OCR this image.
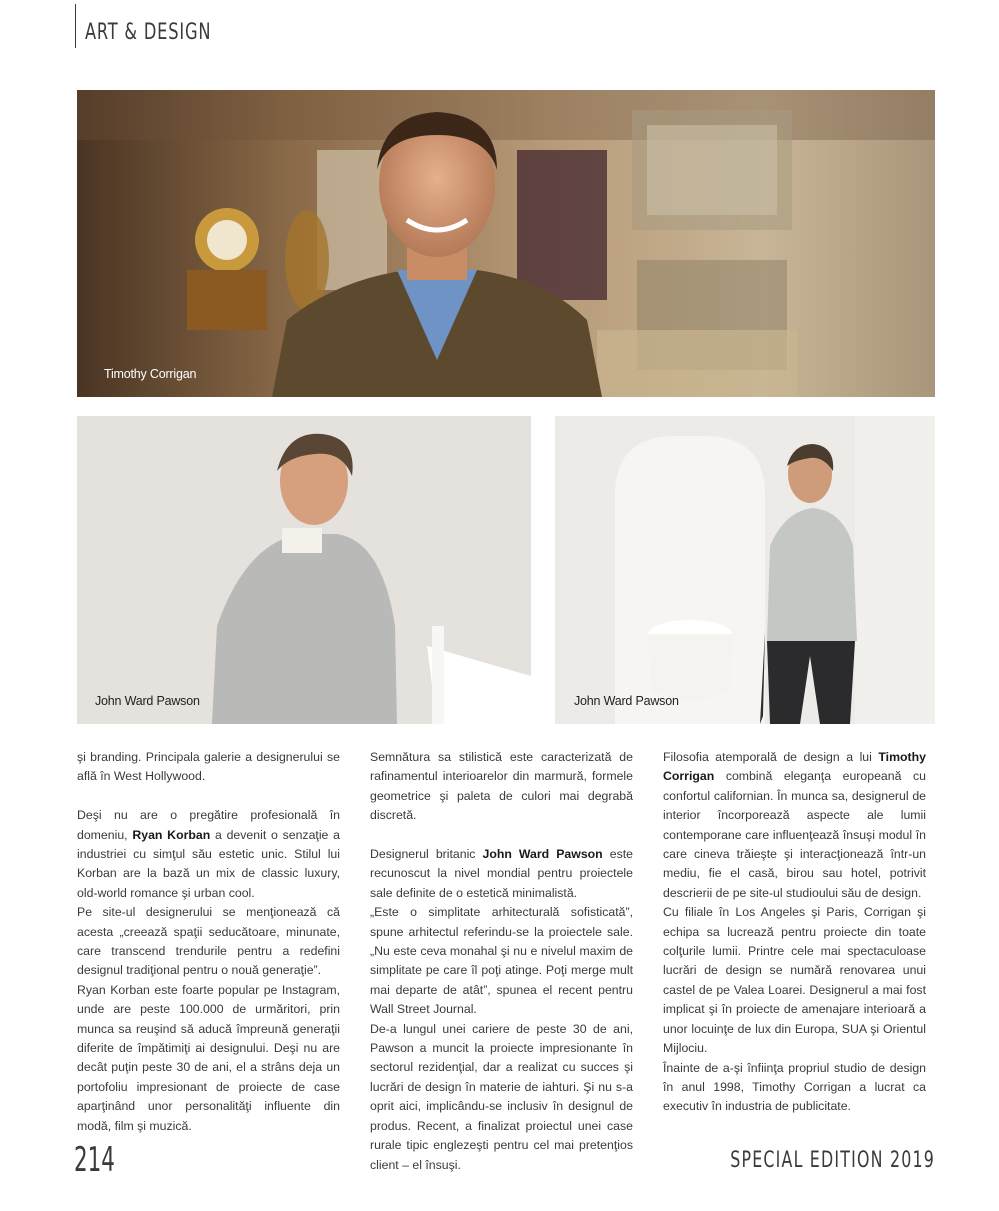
ART & DESIGN
Timothy Corrigan
John Ward Pawson	John Ward Pawson

şi branding. Principala galerie a designerului se află în West Hollywood.

Deşi nu are o pregătire profesională în domeniu, Ryan Korban a devenit o senzaţie a industriei cu simţul său estetic unic. Stilul lui Korban are la bază un mix de classic luxury, old-world romance şi urban cool.

Pe site-ul designerului se menţionează că acesta „creează spaţii seducătoare, minunate, care transcend trendurile pentru a redefini designul tradiţional pentru o nouă generaţie”.

Ryan Korban este foarte popular pe Instagram, unde are peste 100.000 de urmăritori, prin munca sa reuşind să aducă împreună generaţii diferite de împătimiţi ai designului. Deşi nu are decât puţin peste 30 de ani, el a strâns deja un portofoliu impresionant de proiecte de case aparţinând unor personalităţi influente din modă, film şi muzică.

Semnătura sa stilistică este caracterizată de rafinamentul interioarelor din marmură, formele geometrice şi paleta de culori mai degrabă discretă.

Designerul britanic John Ward Pawson este recunoscut la nivel mondial pentru proiectele sale definite de o estetică minimalistă.

„Este o simplitate arhitecturală sofisticată”, spune arhitectul referindu-se la proiectele sale. „Nu este ceva monahal şi nu e nivelul maxim de simplitate pe care îl poţi atinge. Poţi merge mult mai departe de atât”, spunea el recent pentru Wall Street Journal.

De-a lungul unei cariere de peste 30 de ani, Pawson a muncit la proiecte impresionante în sectorul rezidenţial, dar a realizat cu succes şi lucrări de design în materie de iahturi. Şi nu s-a oprit aici, implicându-se inclusiv în designul de produs. Recent, a finalizat proiectul unei case rurale tipic englezeşti pentru cel mai pretenţios client – el însuşi.

Filosofia atemporală de design a lui Timothy Corrigan combină eleganţa europeană cu confortul californian. În munca sa, designerul de interior încorporează aspecte ale lumii contemporane care influenţează însuşi modul în care cineva trăieşte şi interacţionează într-un mediu, fie el casă, birou sau hotel, potrivit descrierii de pe site-ul studioului său de design.

Cu filiale în Los Angeles şi Paris, Corrigan şi echipa sa lucrează pentru proiecte din toate colţurile lumii. Printre cele mai spectaculoase lucrări de design se numără renovarea unui castel de pe Valea Loarei. Designerul a mai fost implicat şi în proiecte de amenajare interioară a unor locuinţe de lux din Europa, SUA şi Orientul Mijlociu.

Înainte de a-şi înfiinţa propriul studio de design în anul 1998, Timothy Corrigan a lucrat ca executiv în industria de publicitate.

214	SPECIAL EDITION 2019
